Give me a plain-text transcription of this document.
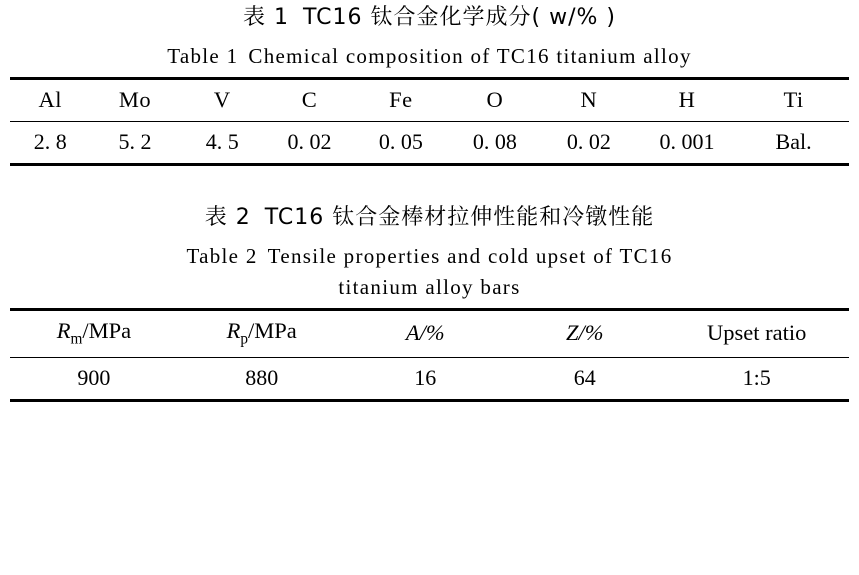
表 1 TC16 钛合金化学成分( w/% )
Table 1 Chemical composition of TC16 titanium alloy
Al	Mo	V	C	Fe	O	N	H	Ti
2. 8	5. 2	4. 5	0. 02	0. 05	0. 08	0. 02	0. 001	Bal.
表 2 TC16 钛合金棒材拉伸性能和冷镦性能
Table 2 Tensile properties and cold upset of TC16
titanium alloy bars
$R_m$/MPa	$R_p$/MPa	A/%	Z/%	Upset ratio
900	880	16	64	1:5
